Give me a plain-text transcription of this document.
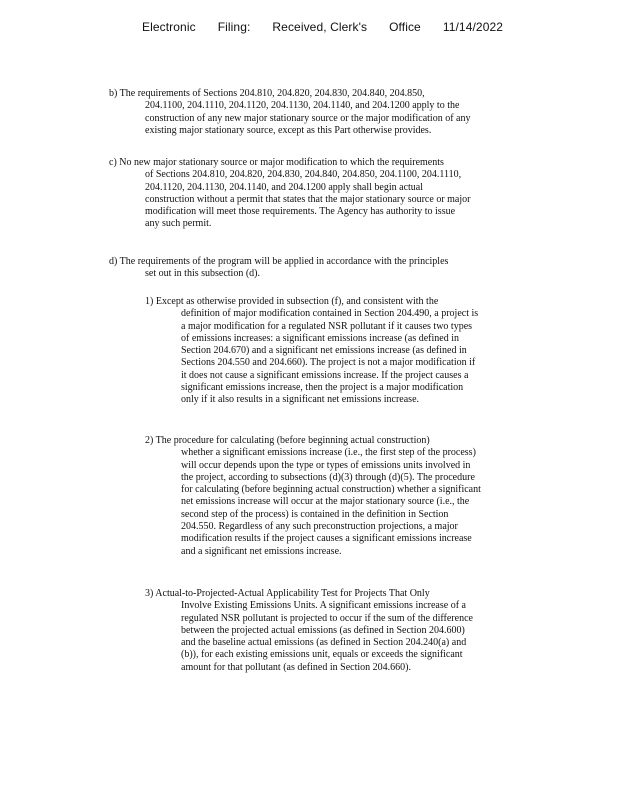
Electronic Filing: Received, Clerk's Office 11/14/2022
b) The requirements of Sections 204.810, 204.820, 204.830, 204.840, 204.850,
204.1100, 204.1110, 204.1120, 204.1130, 204.1140, and 204.1200 apply to the
construction of any new major stationary source or the major modification of any
existing major stationary source, except as this Part otherwise provides.
c) No new major stationary source or major modification to which the requirements
of Sections 204.810, 204.820, 204.830, 204.840, 204.850, 204.1100, 204.1110,
204.1120, 204.1130, 204.1140, and 204.1200 apply shall begin actual
construction without a permit that states that the major stationary source or major
modification will meet those requirements. The Agency has authority to issue
any such permit.
d) The requirements of the program will be applied in accordance with the principles
set out in this subsection (d).
1) Except as otherwise provided in subsection (f), and consistent with the
definition of major modification contained in Section 204.490, a project is
a major modification for a regulated NSR pollutant if it causes two types
of emissions increases: a significant emissions increase (as defined in
Section 204.670) and a significant net emissions increase (as defined in
Sections 204.550 and 204.660). The project is not a major modification if
it does not cause a significant emissions increase. If the project causes a
significant emissions increase, then the project is a major modification
only if it also results in a significant net emissions increase.
2) The procedure for calculating (before beginning actual construction)
whether a significant emissions increase (i.e., the first step of the process)
will occur depends upon the type or types of emissions units involved in
the project, according to subsections (d)(3) through (d)(5). The procedure
for calculating (before beginning actual construction) whether a significant
net emissions increase will occur at the major stationary source (i.e., the
second step of the process) is contained in the definition in Section
204.550. Regardless of any such preconstruction projections, a major
modification results if the project causes a significant emissions increase
and a significant net emissions increase.
3) Actual-to-Projected-Actual Applicability Test for Projects That Only
Involve Existing Emissions Units. A significant emissions increase of a
regulated NSR pollutant is projected to occur if the sum of the difference
between the projected actual emissions (as defined in Section 204.600)
and the baseline actual emissions (as defined in Section 204.240(a) and
(b)), for each existing emissions unit, equals or exceeds the significant
amount for that pollutant (as defined in Section 204.660).
